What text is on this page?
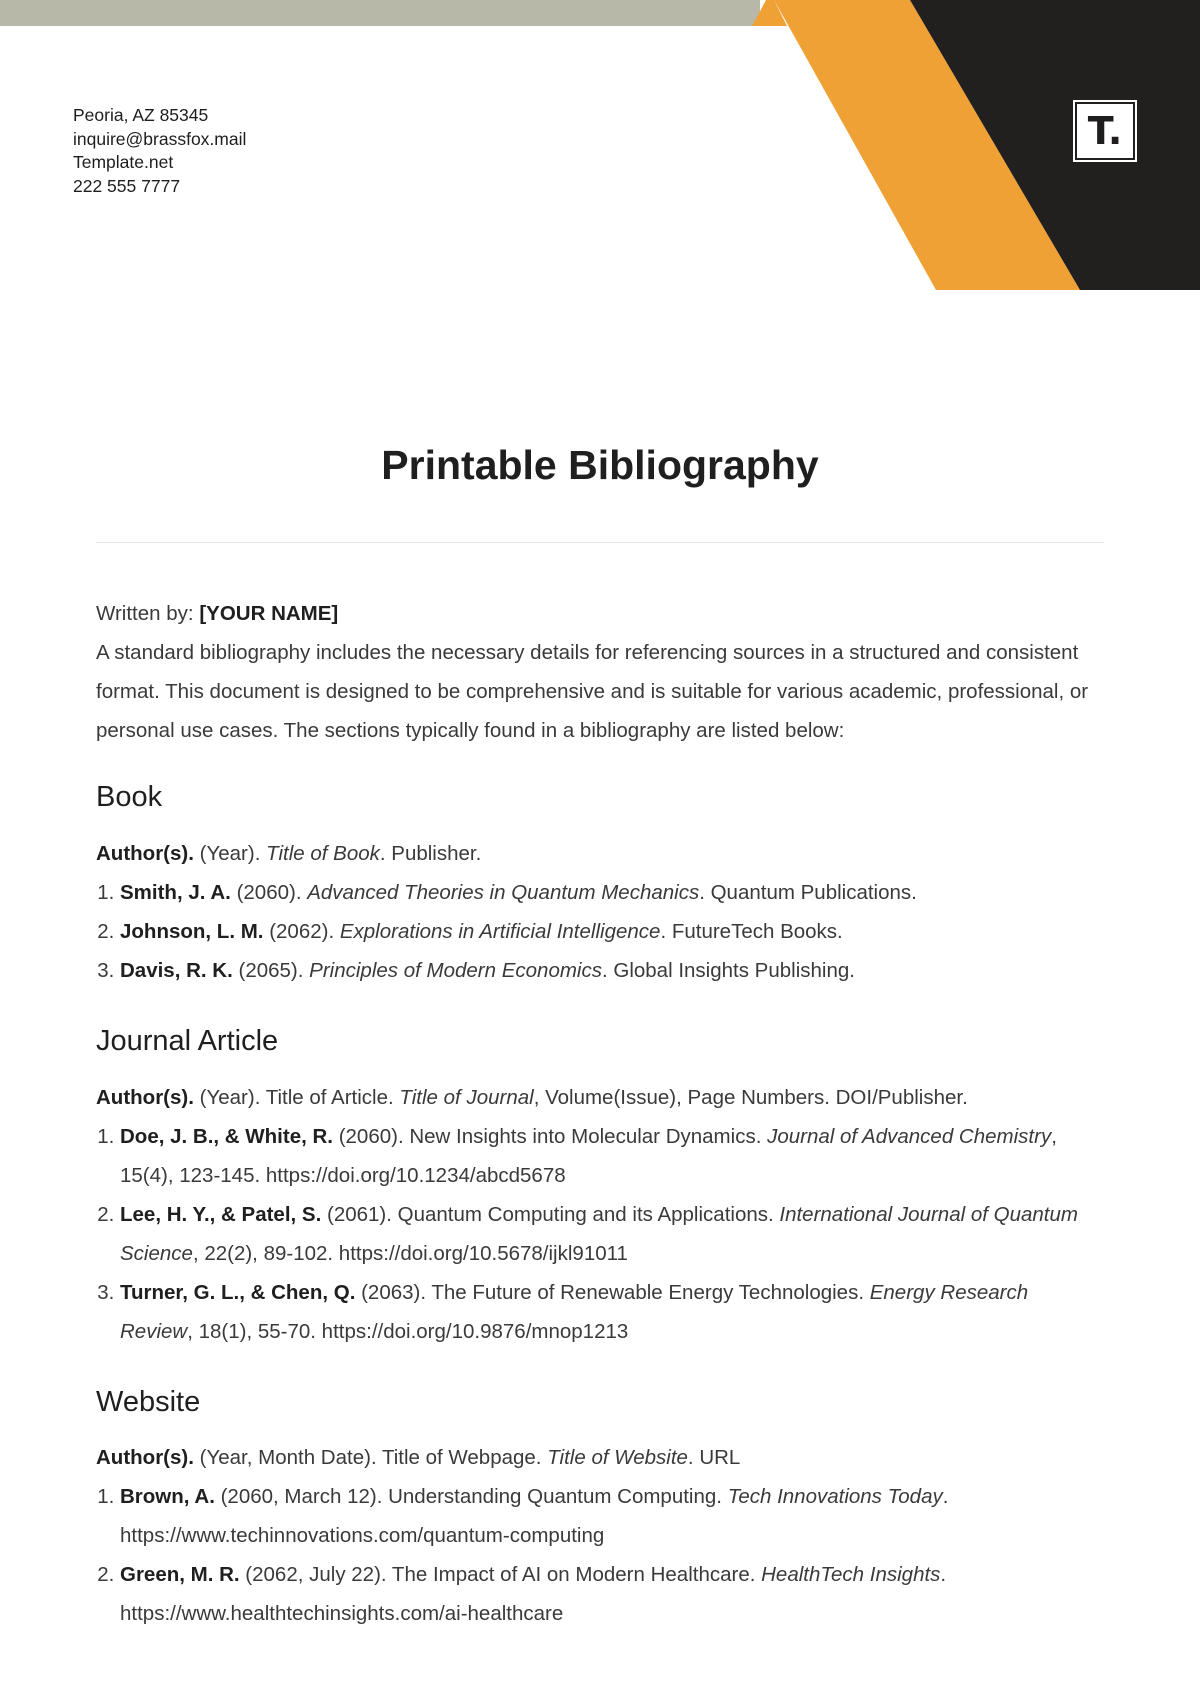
Peoria, AZ 85345
inquire@brassfox.mail
Template.net
222 555 7777
T.
Printable Bibliography

Written by: [YOUR NAME]

A standard bibliography includes the necessary details for referencing sources in a structured and consistent format. This document is designed to be comprehensive and is suitable for various academic, professional, or personal use cases. The sections typically found in a bibliography are listed below:

Book

Author(s). (Year). Title of Book. Publisher.

1. Smith, J. A. (2060). Advanced Theories in Quantum Mechanics. Quantum Publications.
2. Johnson, L. M. (2062). Explorations in Artificial Intelligence. FutureTech Books.
3. Davis, R. K. (2065). Principles of Modern Economics. Global Insights Publishing.
Journal Article

Author(s). (Year). Title of Article. Title of Journal, Volume(Issue), Page Numbers. DOI/Publisher.

1. Doe, J. B., & White, R. (2060). New Insights into Molecular Dynamics. Journal of Advanced Chemistry, 15(4), 123-145. https://doi.org/10.1234/abcd5678
2. Lee, H. Y., & Patel, S. (2061). Quantum Computing and its Applications. International Journal of Quantum Science, 22(2), 89-102. https://doi.org/10.5678/ijkl91011
3. Turner, G. L., & Chen, Q. (2063). The Future of Renewable Energy Technologies. Energy Research Review, 18(1), 55-70. https://doi.org/10.9876/mnop1213
Website

Author(s). (Year, Month Date). Title of Webpage. Title of Website. URL

1. Brown, A. (2060, March 12). Understanding Quantum Computing. Tech Innovations Today. https://www.techinnovations.com/quantum-computing
2. Green, M. R. (2062, July 22). The Impact of AI on Modern Healthcare. HealthTech Insights. https://www.healthtechinsights.com/ai-healthcare
